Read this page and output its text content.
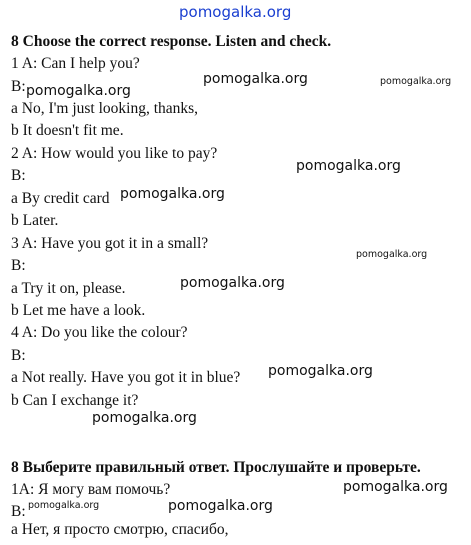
pomogalka.org
8 Choose the correct response. Listen and check.
1 A: Can I help you?
B:
a No, I'm just looking, thanks,
b It doesn't fit me.
2 A: How would you like to pay?
B:
a By credit card
b Later.
3 A: Have you got it in a small?
B:
a Try it on, please.
b Let me have a look.
4 A: Do you like the colour?
B:
a Not really. Have you got it in blue?
b Can I exchange it?
8 Выберите правильный ответ. Прослушайте и проверьте.
1А: Я могу вам помочь?
В:
а Нет, я просто смотрю, спасибо,
pomogalka.org	pomogalka.org
pomogalka.org
pomogalka.org
pomogalka.org
pomogalka.org
pomogalka.org
pomogalka.org
pomogalka.org
pomogalka.org
pomogalka.org	pomogalka.org
